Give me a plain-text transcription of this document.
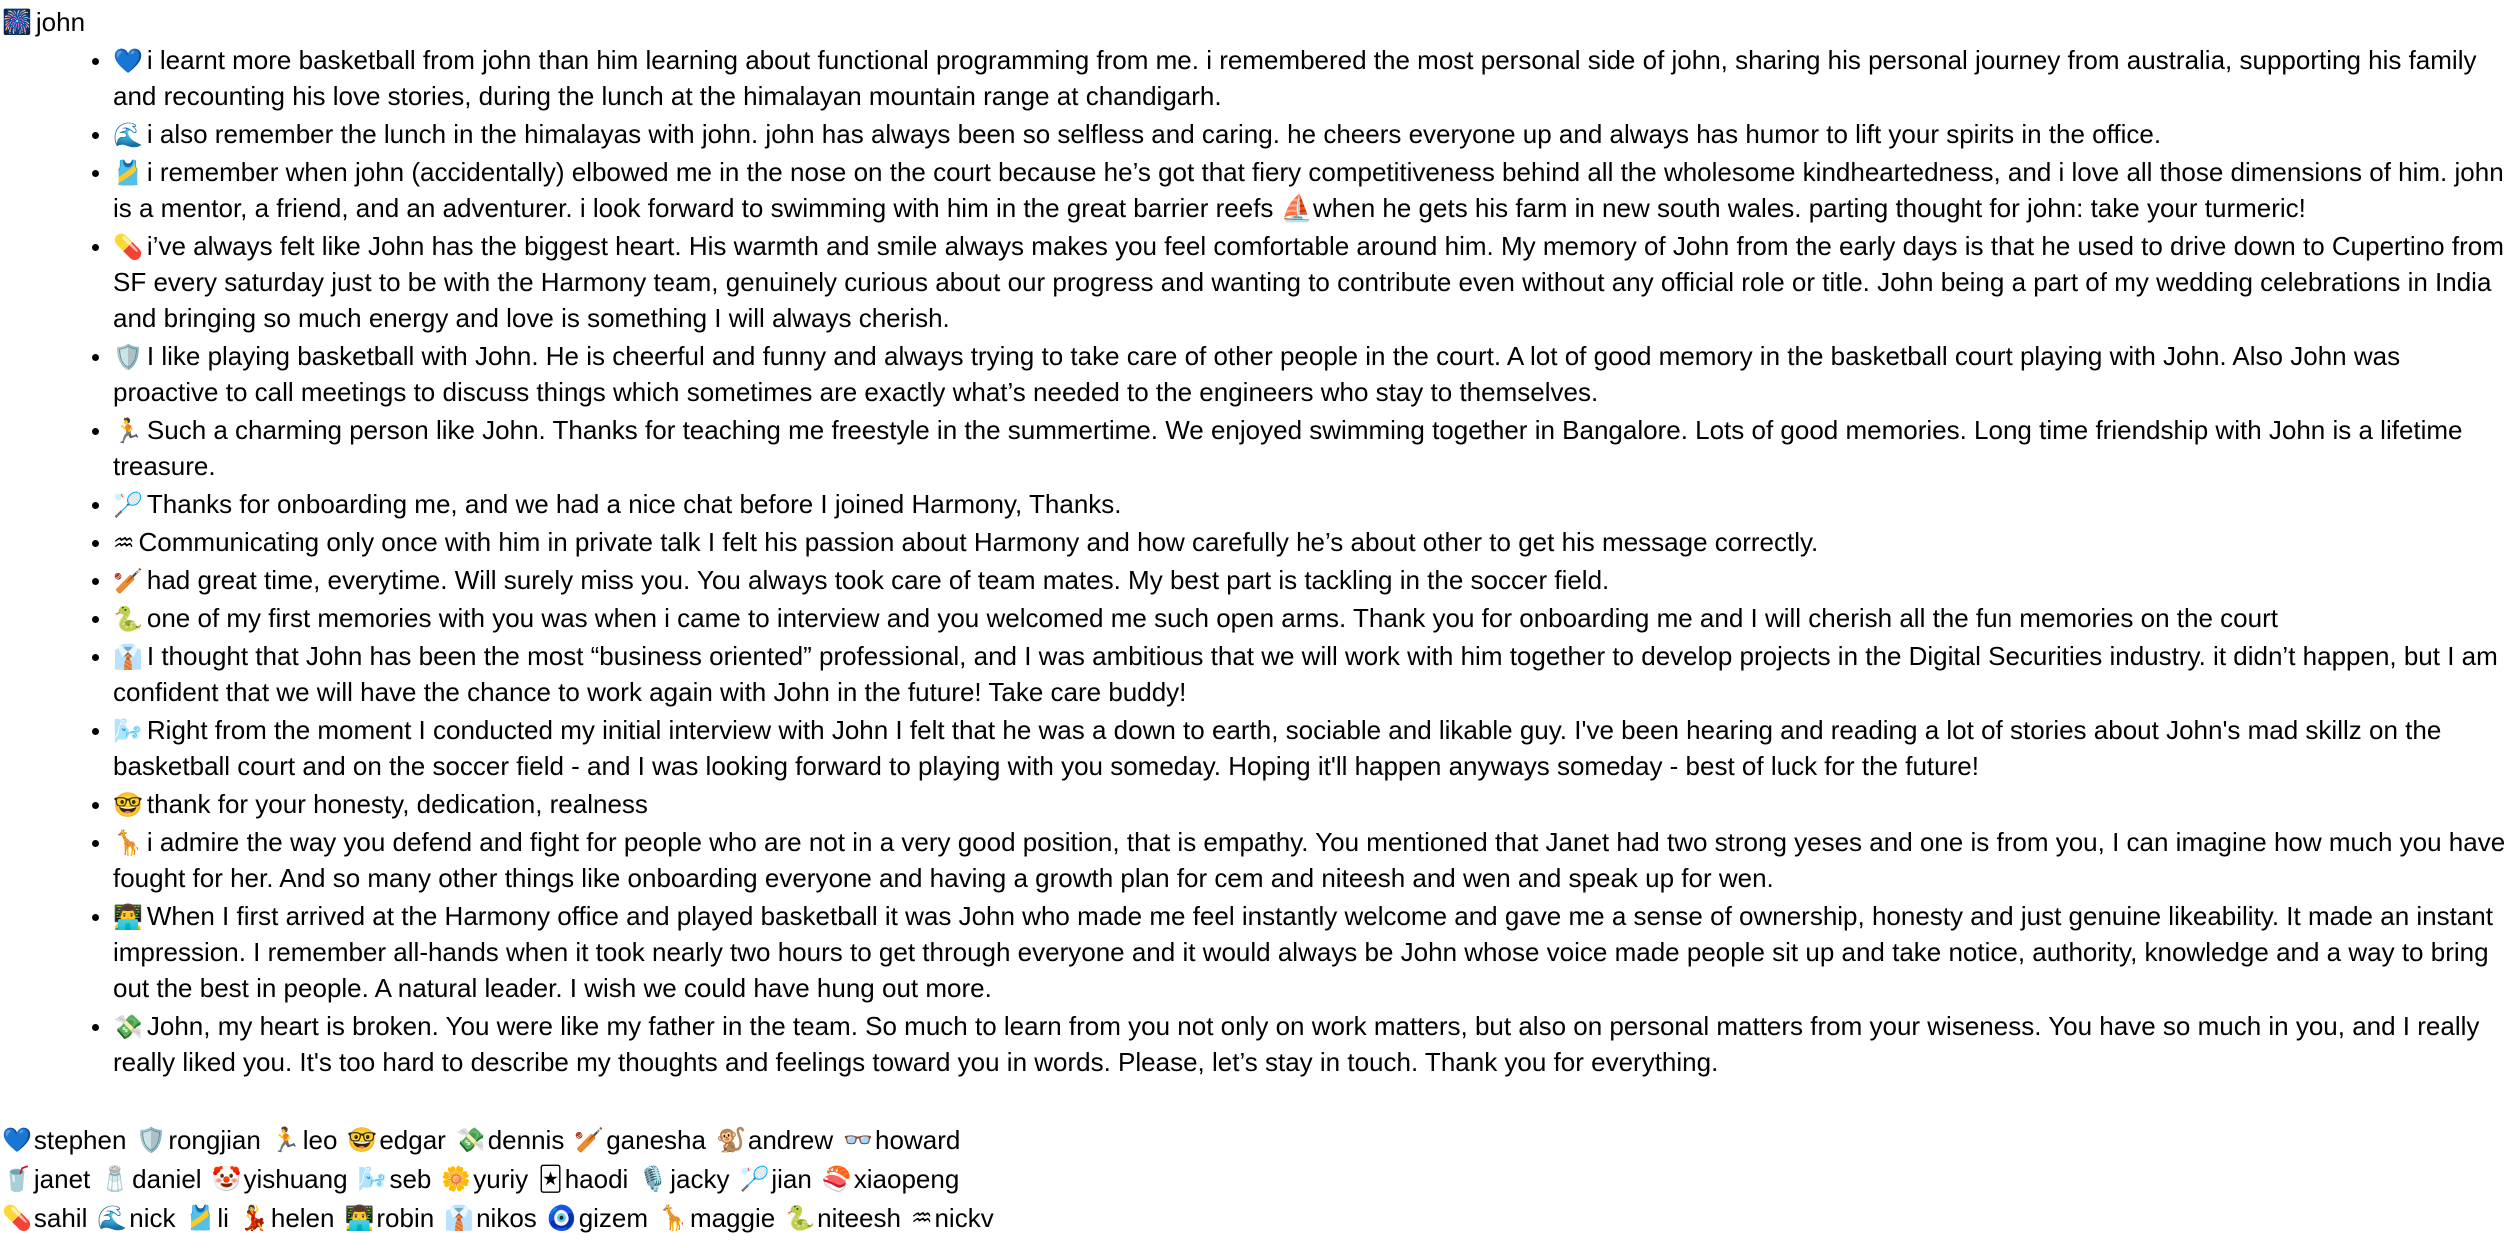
🎆 john
• 💙 i learnt more basketball from john than him learning about functional programming from me. i remembered the most personal side of john, sharing his personal journey from australia, supporting his family and recounting his love stories, during the lunch at the himalayan mountain range at chandigarh.
• 🌊 i also remember the lunch in the himalayas with john. john has always been so selfless and caring. he cheers everyone up and always has humor to lift your spirits in the office.
• 🎽 i remember when john (accidentally) elbowed me in the nose on the court because he’s got that fiery competitiveness behind all the wholesome kindheartedness, and i love all those dimensions of him. john is a mentor, a friend, and an adventurer. i look forward to swimming with him in the great barrier reefs ⛵️when he gets his farm in new south wales. parting thought for john: take your turmeric!
• 💊 i’ve always felt like John has the biggest heart. His warmth and smile always makes you feel comfortable around him. My memory of John from the early days is that he used to drive down to Cupertino from SF every saturday just to be with the Harmony team, genuinely curious about our progress and wanting to contribute even without any official role or title. John being a part of my wedding celebrations in India and bringing so much energy and love is something I will always cherish.
• 🛡️ I like playing basketball with John. He is cheerful and funny and always trying to take care of other people in the court. A lot of good memory in the basketball court playing with John. Also John was proactive to call meetings to discuss things which sometimes are exactly what’s needed to the engineers who stay to themselves.
• 🏃 Such a charming person like John. Thanks for teaching me freestyle in the summertime. We enjoyed swimming together in Bangalore. Lots of good memories. Long time friendship with John is a lifetime treasure.
• 🏸 Thanks for onboarding me, and we had a nice chat before I joined Harmony, Thanks.
• ♒ Communicating only once with him in private talk I felt his passion about Harmony and how carefully he’s about other to get his message correctly.
• 🏏 had great time, everytime. Will surely miss you. You always took care of team mates. My best part is tackling in the soccer field.
• 🐍 one of my first memories with you was when i came to interview and you welcomed me such open arms. Thank you for onboarding me and I will cherish all the fun memories on the court
• 👔 I thought that John has been the most “business oriented” professional, and I was ambitious that we will work with him together to develop projects in the Digital Securities industry. it didn’t happen, but I am confident that we will have the chance to work again with John in the future! Take care buddy!
• 🌬️ Right from the moment I conducted my initial interview with John I felt that he was a down to earth, sociable and likable guy. I've been hearing and reading a lot of stories about John's mad skillz on the basketball court and on the soccer field - and I was looking forward to playing with you someday. Hoping it'll happen anyways someday - best of luck for the future!
• 🤓 thank for your honesty, dedication, realness
• 🦒 i admire the way you defend and fight for people who are not in a very good position, that is empathy. You mentioned that Janet had two strong yeses and one is from you, I can imagine how much you have fought for her. And so many other things like onboarding everyone and having a growth plan for cem and niteesh and wen and speak up for wen.
• 👨‍💻 When I first arrived at the Harmony office and played basketball it was John who made me feel instantly welcome and gave me a sense of ownership, honesty and just genuine likeability. It made an instant impression. I remember all-hands when it took nearly two hours to get through everyone and it would always be John whose voice made people sit up and take notice, authority, knowledge and a way to bring out the best in people. A natural leader. I wish we could have hung out more.
• 💸 John, my heart is broken. You were like my father in the team. So much to learn from you not only on work matters, but also on personal matters from your wiseness. You have so much in you, and I really really liked you. It's too hard to describe my thoughts and feelings toward you in words. Please, let’s stay in touch. Thank you for everything.
💙 stephen 🛡️ rongjian 🏃 leo 🤓 edgar 💸 dennis 🏏 ganesha 🐒 andrew 👓 howard
🥤 janet 🧂 daniel 🤡 yishuang 🌬️ seb 🌼 yuriy 🃏 haodi 🎙️ jacky 🏸 jian 🍣 xiaopeng
💊 sahil 🌊 nick 🎽 li 💃 helen 👨‍💻 robin 👔 nikos 🧿 gizem 🦒 maggie 🐍 niteesh ♒ nickv
